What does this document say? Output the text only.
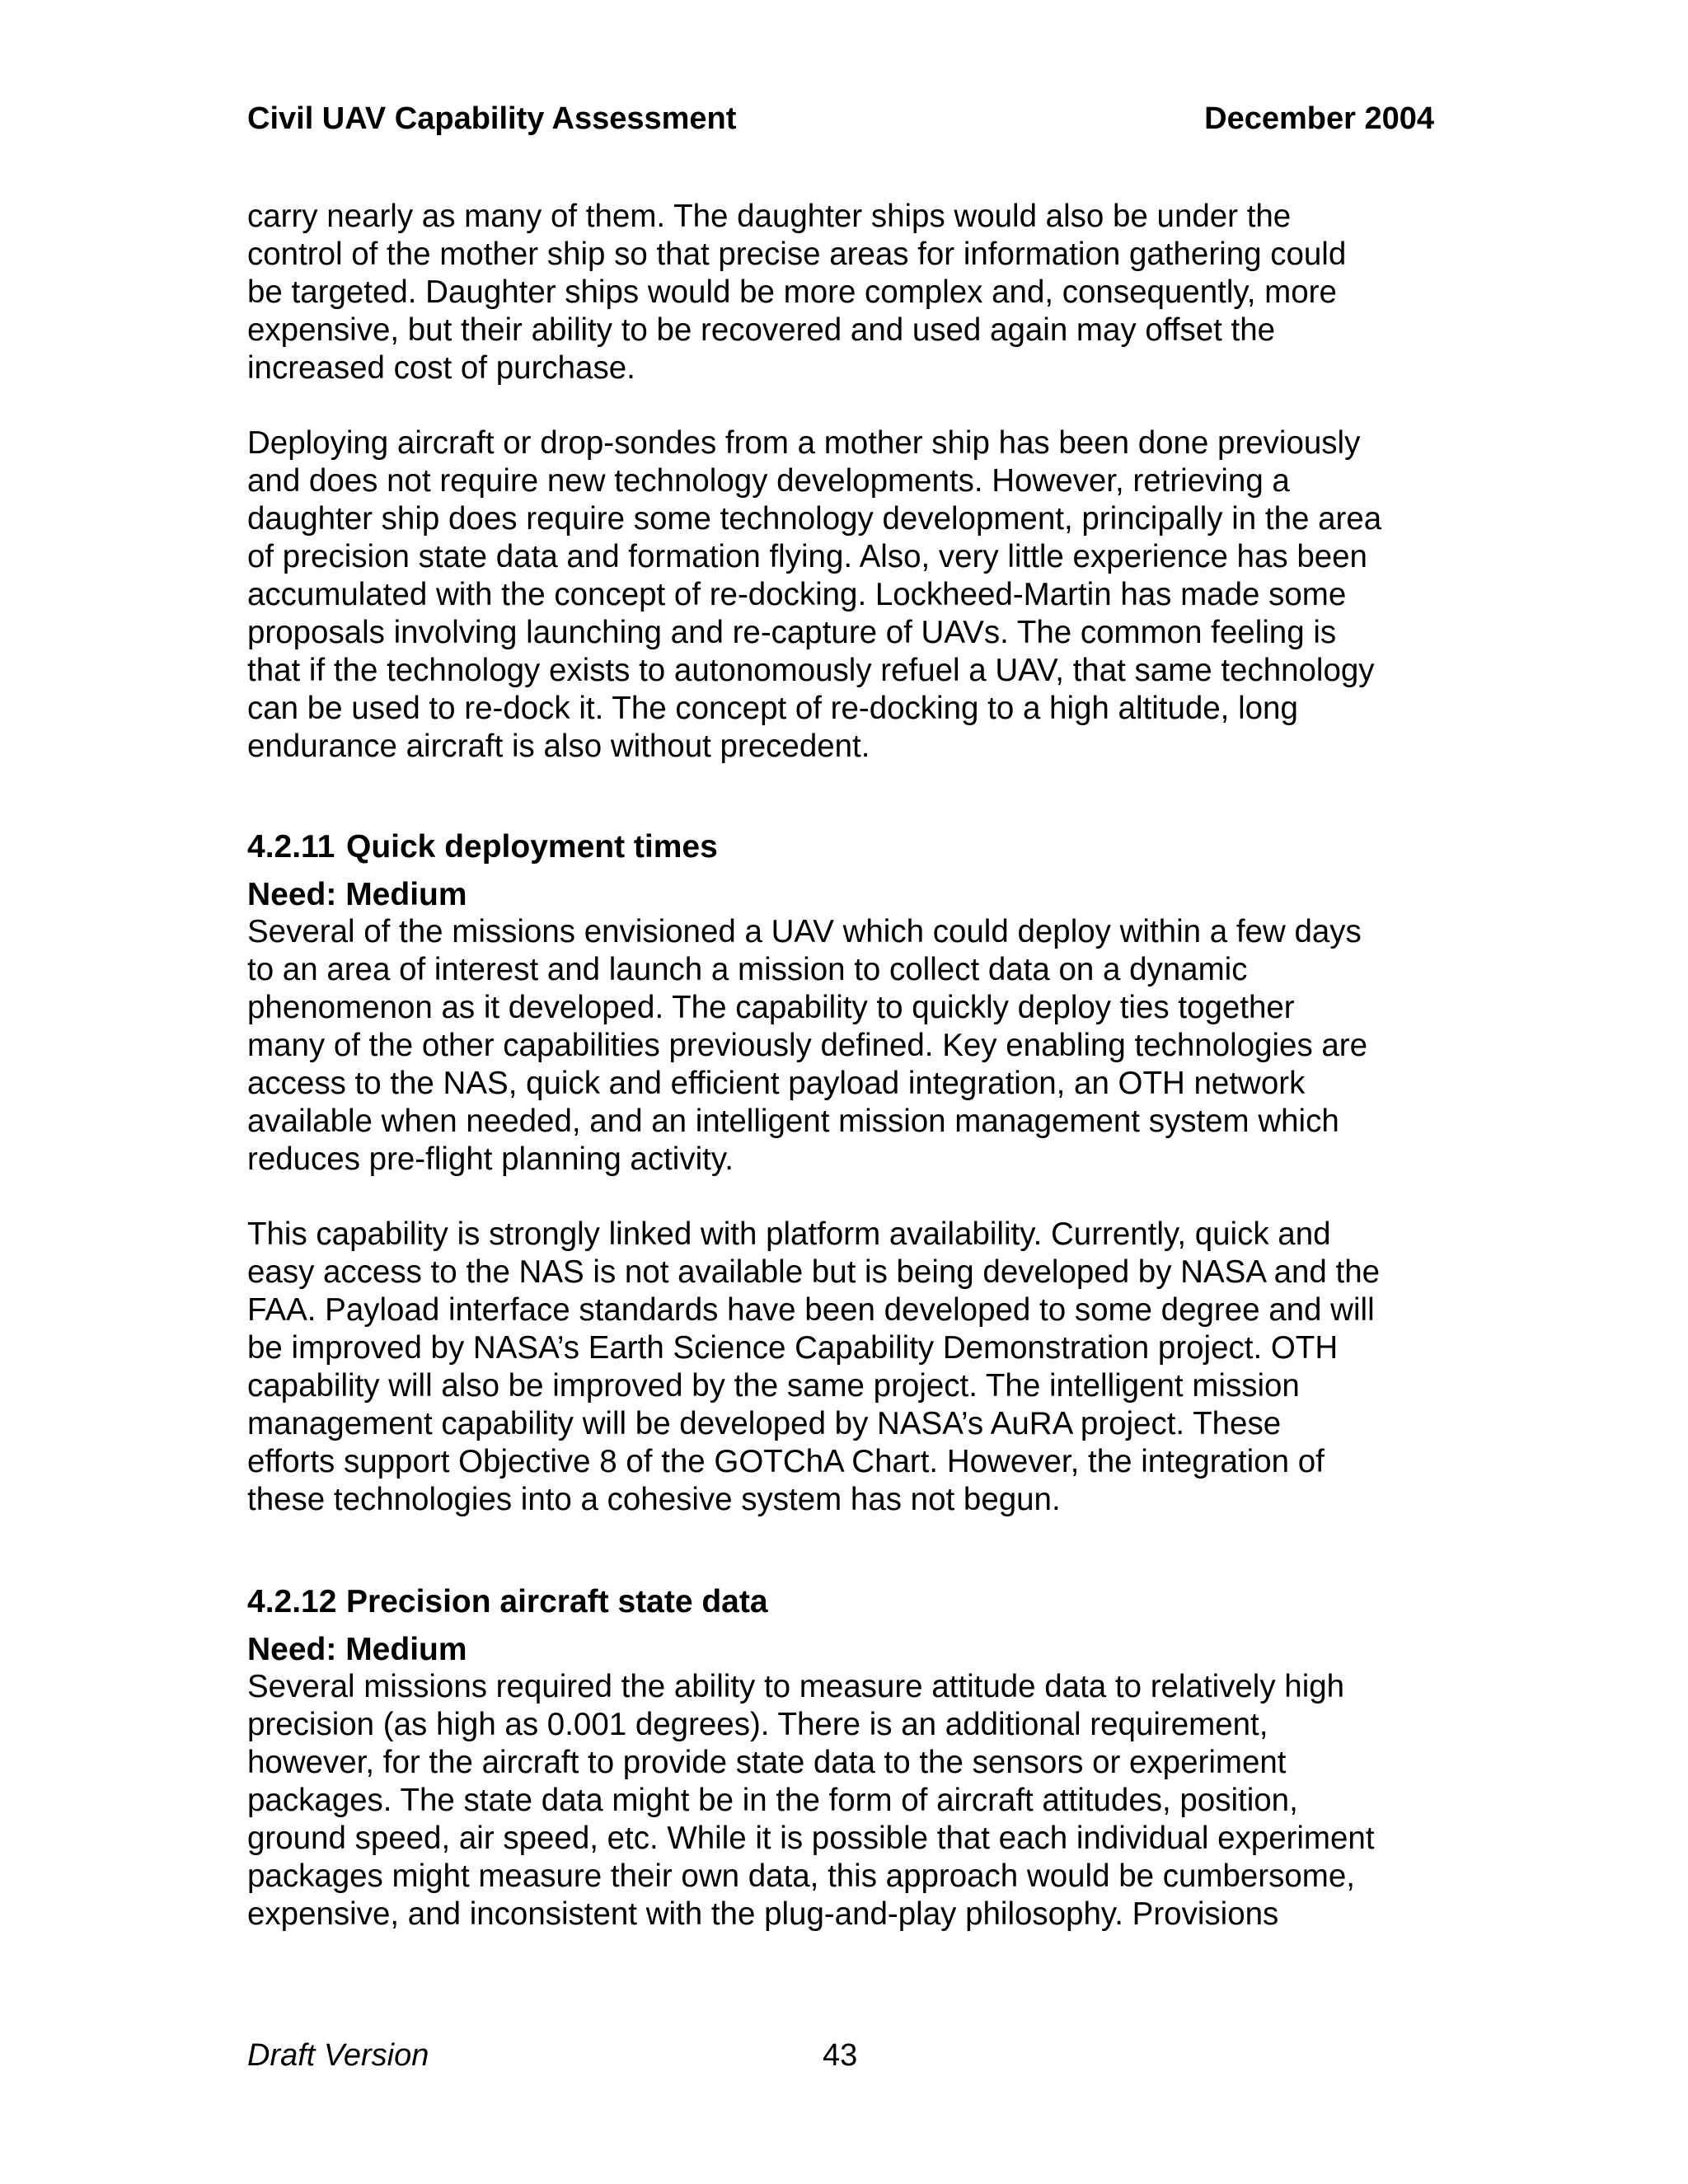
Civil UAV Capability Assessment	December 2004
carry nearly as many of them. The daughter ships would also be under the
control of the mother ship so that precise areas for information gathering could
be targeted. Daughter ships would be more complex and, consequently, more
expensive, but their ability to be recovered and used again may offset the
increased cost of purchase.
Deploying aircraft or drop-sondes from a mother ship has been done previously
and does not require new technology developments. However, retrieving a
daughter ship does require some technology development, principally in the area
of precision state data and formation flying. Also, very little experience has been
accumulated with the concept of re-docking. Lockheed-Martin has made some
proposals involving launching and re-capture of UAVs. The common feeling is
that if the technology exists to autonomously refuel a UAV, that same technology
can be used to re-dock it. The concept of re-docking to a high altitude, long
endurance aircraft is also without precedent.
4.2.11 Quick deployment times
Need: Medium
Several of the missions envisioned a UAV which could deploy within a few days
to an area of interest and launch a mission to collect data on a dynamic
phenomenon as it developed. The capability to quickly deploy ties together
many of the other capabilities previously defined. Key enabling technologies are
access to the NAS, quick and efficient payload integration, an OTH network
available when needed, and an intelligent mission management system which
reduces pre-flight planning activity.
This capability is strongly linked with platform availability. Currently, quick and
easy access to the NAS is not available but is being developed by NASA and the
FAA. Payload interface standards have been developed to some degree and will
be improved by NASA’s Earth Science Capability Demonstration project. OTH
capability will also be improved by the same project. The intelligent mission
management capability will be developed by NASA’s AuRA project. These
efforts support Objective 8 of the GOTChA Chart. However, the integration of
these technologies into a cohesive system has not begun.
4.2.12 Precision aircraft state data
Need: Medium
Several missions required the ability to measure attitude data to relatively high
precision (as high as 0.001 degrees). There is an additional requirement,
however, for the aircraft to provide state data to the sensors or experiment
packages. The state data might be in the form of aircraft attitudes, position,
ground speed, air speed, etc. While it is possible that each individual experiment
packages might measure their own data, this approach would be cumbersome,
expensive, and inconsistent with the plug-and-play philosophy. Provisions
Draft Version	43
